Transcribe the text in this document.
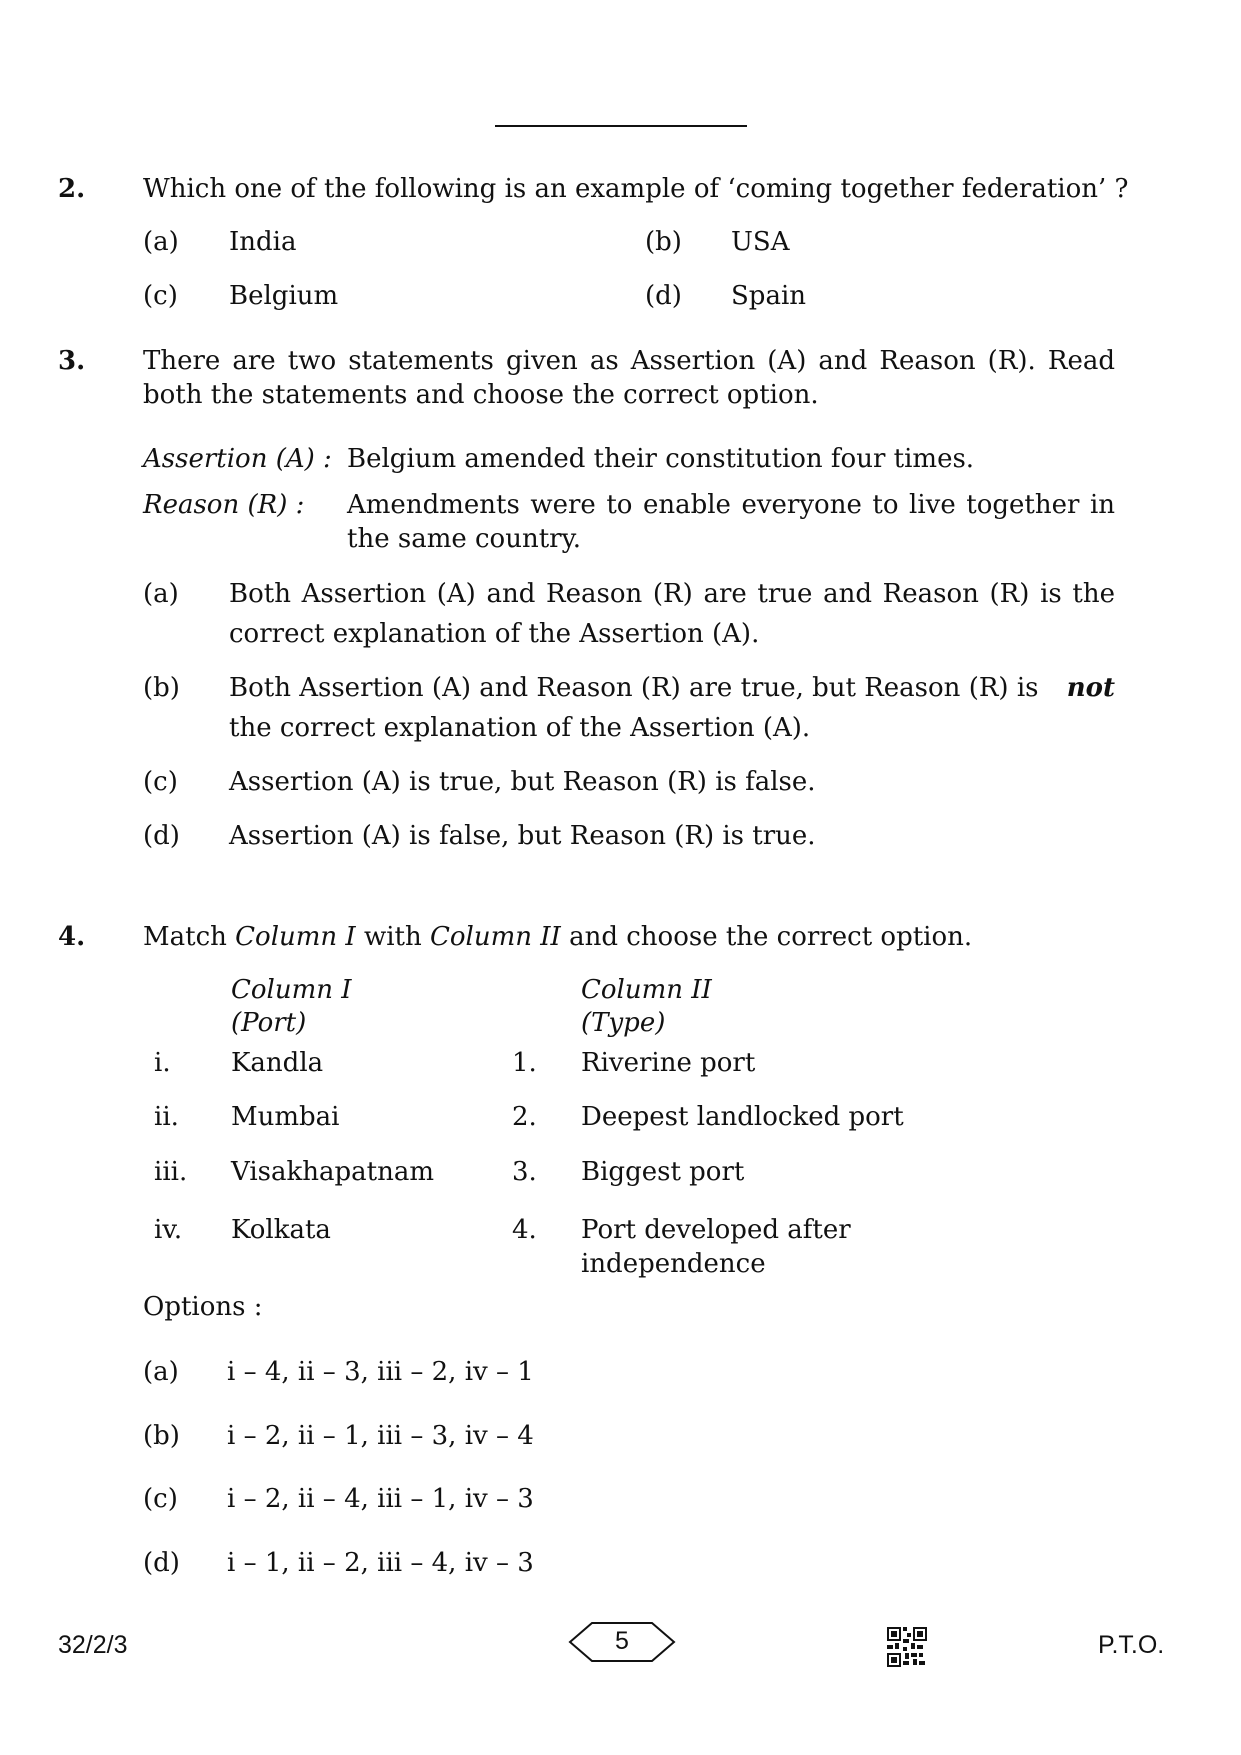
2. Which one of the following is an example of ‘coming together federation’ ?
(a) India	(b) USA
(c) Belgium	(d) Spain
3. There are two statements given as Assertion (A) and Reason (R). Read
both the statements and choose the correct option.
Assertion (A) : Belgium amended their constitution four times.
Reason (R) : Amendments were to enable everyone to live together in
the same country.
(a) Both Assertion (A) and Reason (R) are true and Reason (R) is the
correct explanation of the Assertion (A).
(b) Both Assertion (A) and Reason (R) are true, but Reason (R) is not
the correct explanation of the Assertion (A).
(c) Assertion (A) is true, but Reason (R) is false.
(d) Assertion (A) is false, but Reason (R) is true.
4. Match Column I with Column II and choose the correct option.
Column I
(Port)
Column II
(Type)
i. Kandla	1. Riverine port
ii. Mumbai	2. Deepest landlocked port
iii. Visakhapatnam	3. Biggest port
iv. Kolkata	4. Port developed after
independence
Options :
(a) i – 4, ii – 3, iii – 2, iv – 1
(b) i – 2, ii – 1, iii – 3, iv – 4
(c) i – 2, ii – 4, iii – 1, iv – 3
(d) i – 1, ii – 2, iii – 4, iv – 3
32/2/3	5	P.T.O.
